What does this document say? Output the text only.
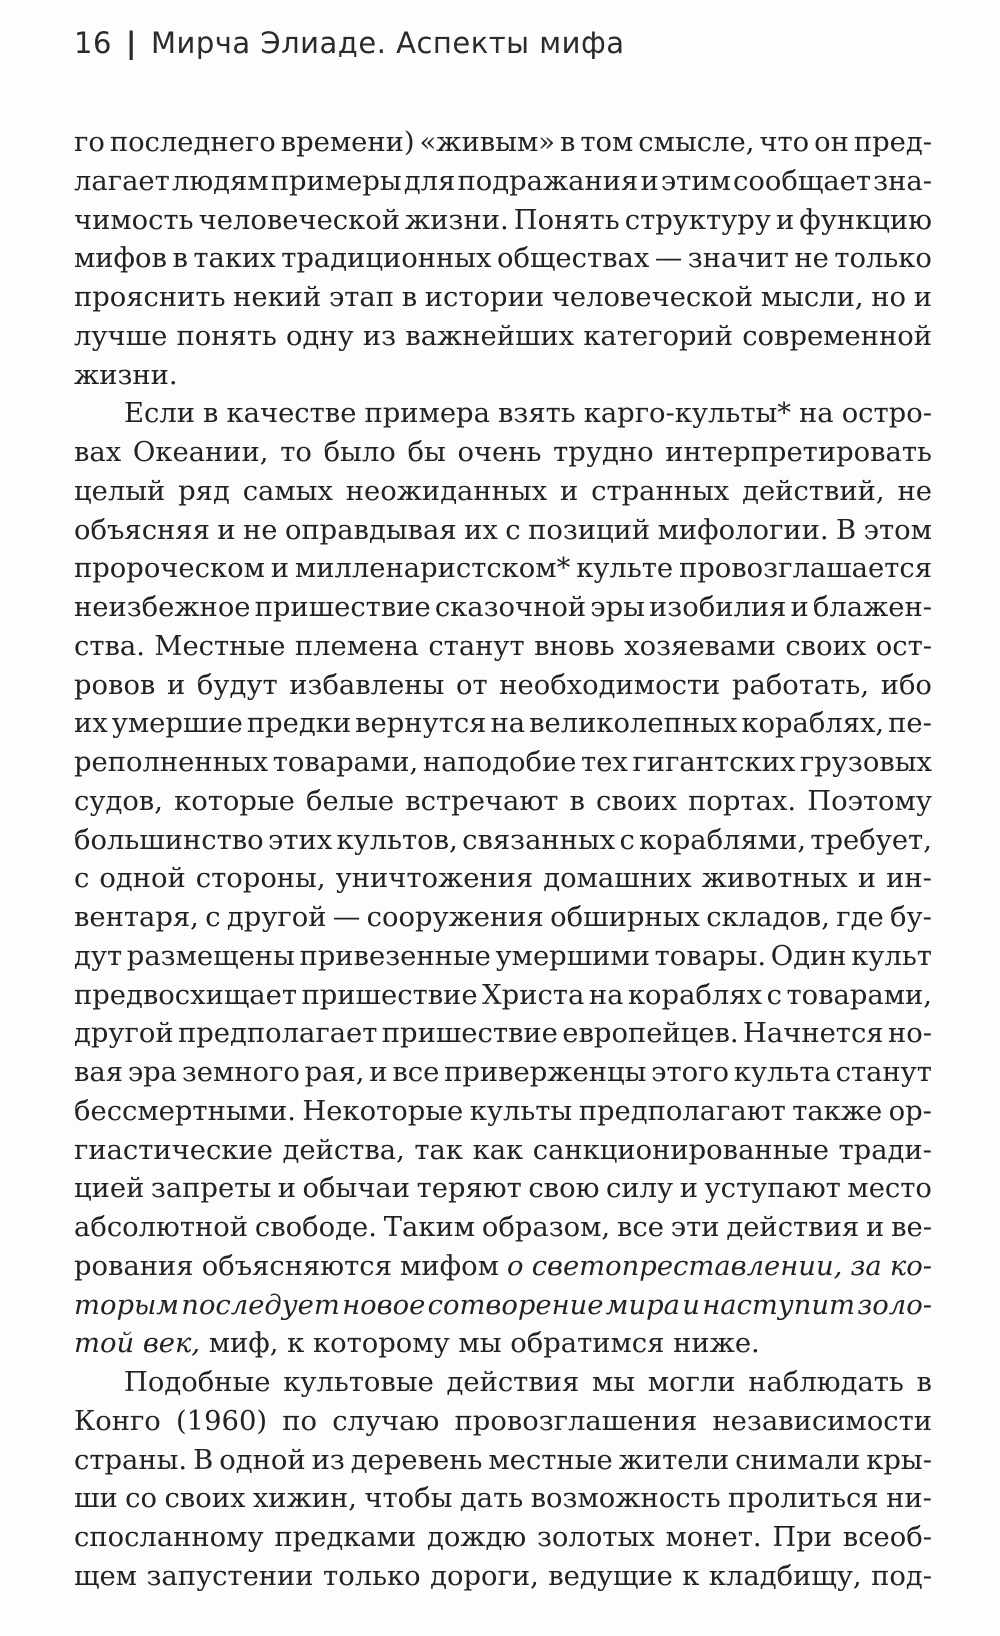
16 | Мирча Элиаде. Аспекты мифа
го последнего времени) «живым» в том смысле, что он пред-
лагает людям примеры для подражания и этим сообщает зна-
чимость человеческой жизни. Понять структуру и функцию
мифов в таких традиционных обществах — значит не только
прояснить некий этап в истории человеческой мысли, но и
лучше понять одну из важнейших категорий современной
жизни.
Если в качестве примера взять карго-культы* на остро-
вах Океании, то было бы очень трудно интерпретировать
целый ряд самых неожиданных и странных действий, не
объясняя и не оправдывая их с позиций мифологии. В этом
пророческом и милленаристском* культе провозглашается
неизбежное пришествие сказочной эры изобилия и блажен-
ства. Местные племена станут вновь хозяевами своих ост-
ровов и будут избавлены от необходимости работать, ибо
их умершие предки вернутся на великолепных кораблях, пе-
реполненных товарами, наподобие тех гигантских грузовых
судов, которые белые встречают в своих портах. Поэтому
большинство этих культов, связанных с кораблями, требует,
с одной стороны, уничтожения домашних животных и ин-
вентаря, с другой — сооружения обширных складов, где бу-
дут размещены привезенные умершими товары. Один культ
предвосхищает пришествие Христа на кораблях с товарами,
другой предполагает пришествие европейцев. Начнется но-
вая эра земного рая, и все приверженцы этого культа станут
бессмертными. Некоторые культы предполагают также ор-
гиастические действа, так как санкционированные тради-
цией запреты и обычаи теряют свою силу и уступают место
абсолютной свободе. Таким образом, все эти действия и ве-
рования объясняются мифом о светопреставлении, за ко-
торым последует новое сотворение мира и наступит золо-
той век, миф, к которому мы обратимся ниже.
Подобные культовые действия мы могли наблюдать в
Конго (1960) по случаю провозглашения независимости
страны. В одной из деревень местные жители снимали кры-
ши со своих хижин, чтобы дать возможность пролиться ни-
спосланному предками дождю золотых монет. При всеоб-
щем запустении только дороги, ведущие к кладбищу, под-
